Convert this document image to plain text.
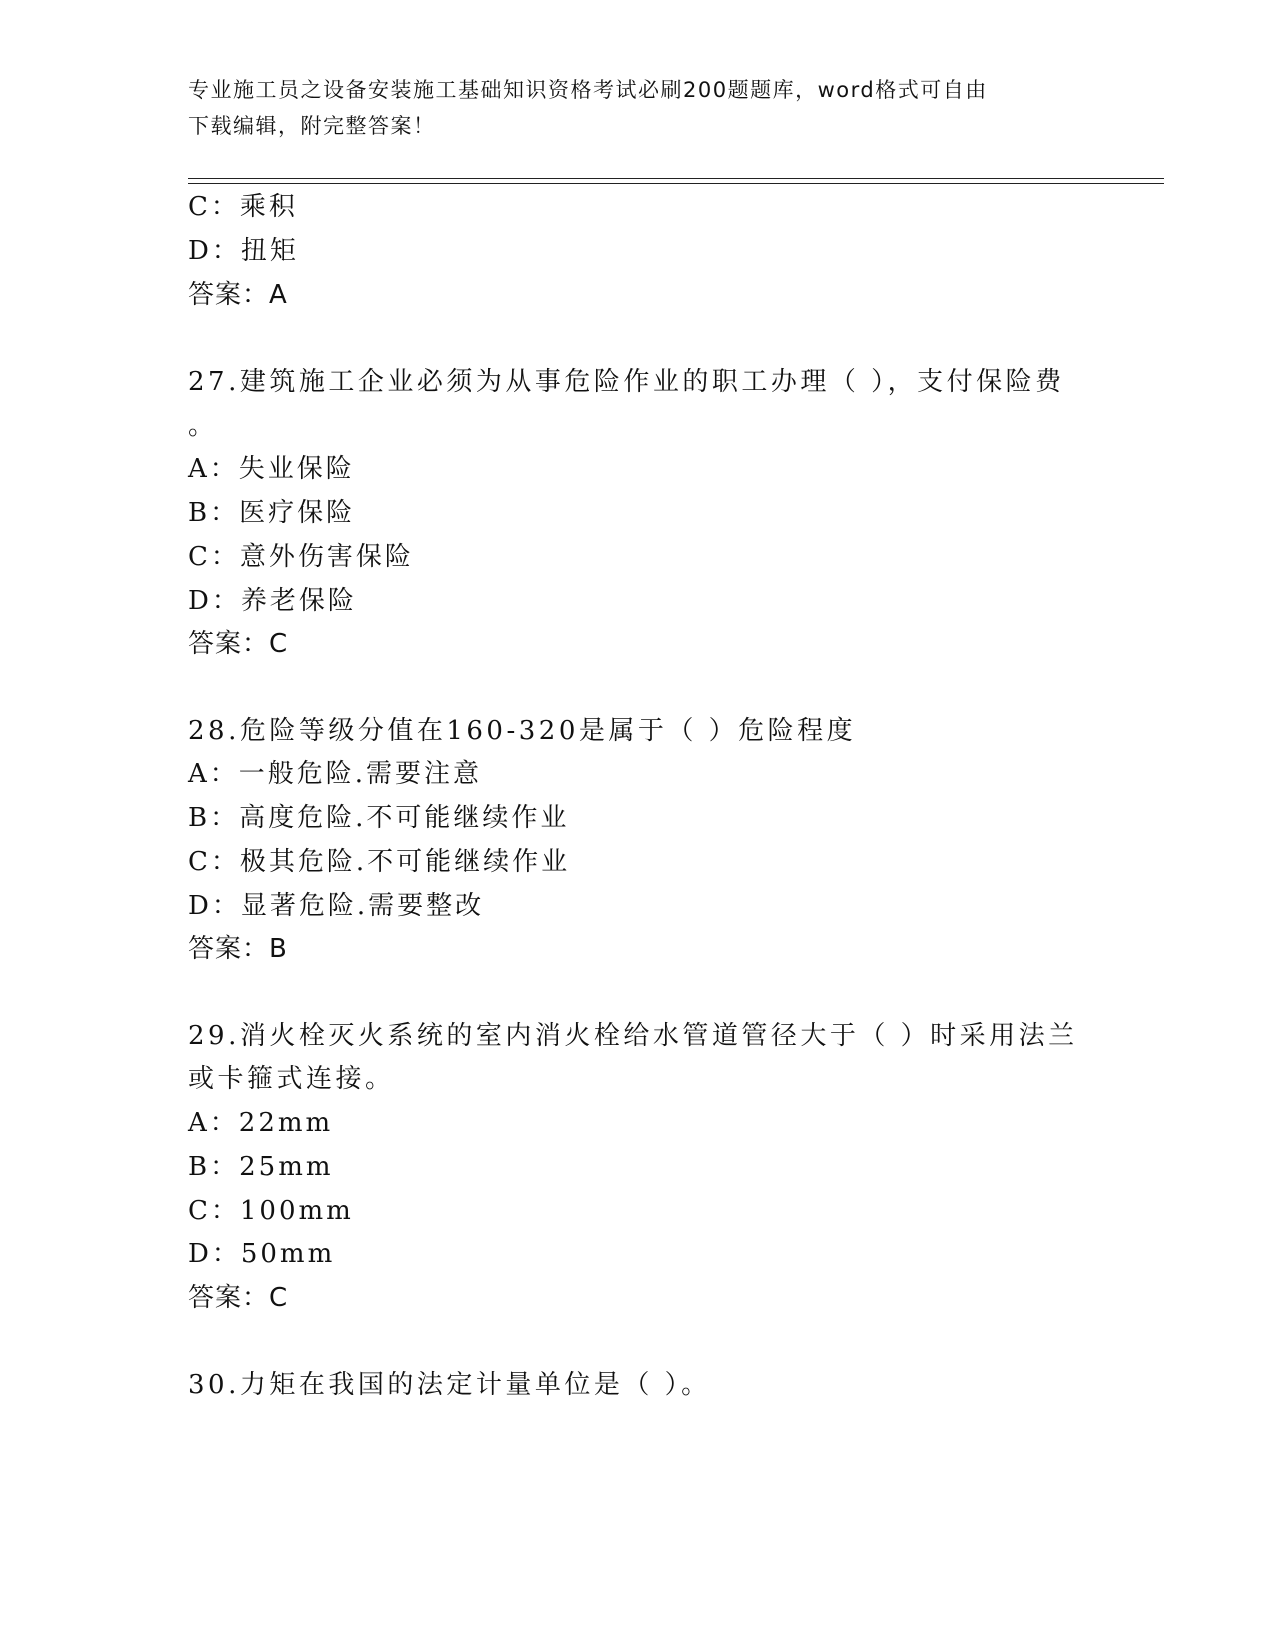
专业施工员之设备安装施工基础知识资格考试必刷200题题库，word格式可自由
下载编辑，附完整答案！
C：乘积
D：扭矩
答案：A
27.建筑施工企业必须为从事危险作业的职工办理（ ），支付保险费
。
A：失业保险
B：医疗保险
C：意外伤害保险
D：养老保险
答案：C
28.危险等级分值在160-320是属于（ ）危险程度
A：一般危险.需要注意
B：高度危险.不可能继续作业
C：极其危险.不可能继续作业
D：显著危险.需要整改
答案：B
29.消火栓灭火系统的室内消火栓给水管道管径大于（ ）时采用法兰
或卡箍式连接。
A：22mm
B：25mm
C：100mm
D：50mm
答案：C
30.力矩在我国的法定计量单位是（ ）。
